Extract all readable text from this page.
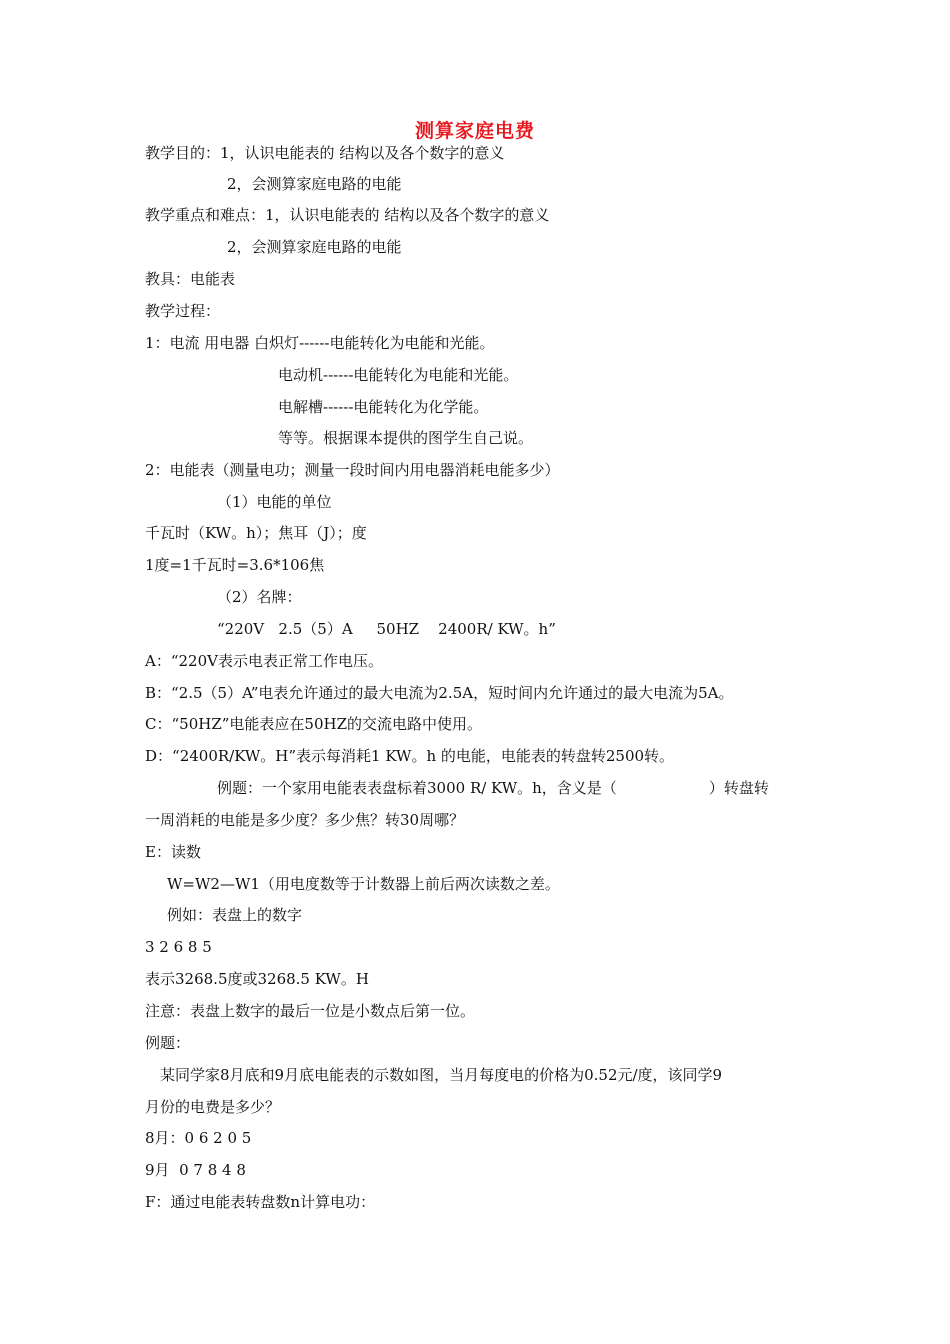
测算家庭电费
教学目的：1，认识电能表的 结构以及各个数字的意义
2，会测算家庭电路的电能
教学重点和难点：1，认识电能表的 结构以及各个数字的意义
2，会测算家庭电路的电能
教具：电能表
教学过程：
1：电流 用电器 白炽灯------电能转化为电能和光能。
电动机------电能转化为电能和光能。
电解槽------电能转化为化学能。
等等。根据课本提供的图学生自己说。
2：电能表（测量电功；测量一段时间内用电器消耗电能多少）
（1）电能的单位
千瓦时（KW。h）；焦耳（J）；度
1度=1千瓦时=3.6*106焦
（2）名牌：
“220V   2.5（5）A     50HZ    2400R/ KW。h”
A：“220V表示电表正常工作电压。
B：“2.5（5）A”电表允许通过的最大电流为2.5A，短时间内允许通过的最大电流为5A。
C：“50HZ”电能表应在50HZ的交流电路中使用。
D：“2400R/KW。H”表示每消耗1 KW。h 的电能，电能表的转盘转2500转。
例题：一个家用电能表表盘标着3000 R/ KW。h，含义是（	）转盘转
一周消耗的电能是多少度？多少焦？转30周哪？
E：读数
W=W2—W1（用电度数等于计数器上前后两次读数之差。
例如：表盘上的数字
3 2 6 8 5
表示3268.5度或3268.5 KW。H
注意：表盘上数字的最后一位是小数点后第一位。
例题：
某同学家8月底和9月底电能表的示数如图，当月每度电的价格为0.52元/度，该同学9
月份的电费是多少？
8月：0 6 2 0 5
9月  0 7 8 4 8
F：通过电能表转盘数n计算电功：
